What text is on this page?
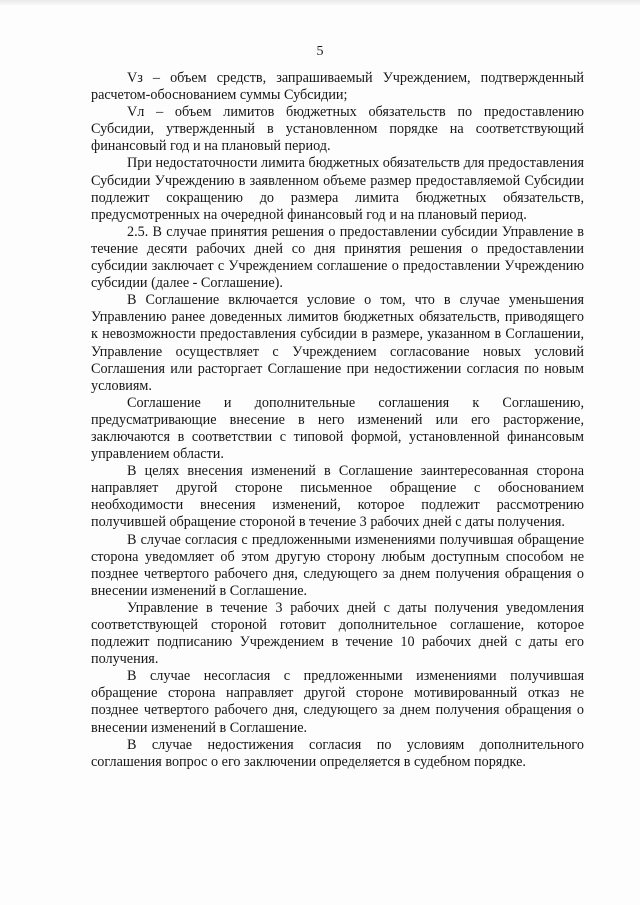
5

Vз – объем средств, запрашиваемый Учреждением, подтвержденный расчетом-обоснованием суммы Субсидии;

Vл – объем лимитов бюджетных обязательств по предоставлению Субсидии, утвержденный в установленном порядке на соответствующий финансовый год и на плановый период.

При недостаточности лимита бюджетных обязательств для предоставления Субсидии Учреждению в заявленном объеме размер предоставляемой Субсидии подлежит сокращению до размера лимита бюджетных обязательств, предусмотренных на очередной финансовый год и на плановый период.

2.5. В случае принятия решения о предоставлении субсидии Управление в течение десяти рабочих дней со дня принятия решения о предоставлении субсидии заключает с Учреждением соглашение о предоставлении Учреждению субсидии (далее - Соглашение).

В Соглашение включается условие о том, что в случае уменьшения Управлению ранее доведенных лимитов бюджетных обязательств, приводящего к невозможности предоставления субсидии в размере, указанном в Соглашении, Управление осуществляет с Учреждением согласование новых условий Соглашения или расторгает Соглашение при недостижении согласия по новым условиям.

Соглашение и дополнительные соглашения к Соглашению, предусматривающие внесение в него изменений или его расторжение, заключаются в соответствии с типовой формой, установленной финансовым управлением области.

В целях внесения изменений в Соглашение заинтересованная сторона направляет другой стороне письменное обращение с обоснованием необходимости внесения изменений, которое подлежит рассмотрению получившей обращение стороной в течение 3 рабочих дней с даты получения.

В случае согласия с предложенными изменениями получившая обращение сторона уведомляет об этом другую сторону любым доступным способом не позднее четвертого рабочего дня, следующего за днем получения обращения о внесении изменений в Соглашение.

Управление в течение 3 рабочих дней с даты получения уведомления соответствующей стороной готовит дополнительное соглашение, которое подлежит подписанию Учреждением в течение 10 рабочих дней с даты его получения.

В случае несогласия с предложенными изменениями получившая обращение сторона направляет другой стороне мотивированный отказ не позднее четвертого рабочего дня, следующего за днем получения обращения о внесении изменений в Соглашение.

В случае недостижения согласия по условиям дополнительного соглашения вопрос о его заключении определяется в судебном порядке.
